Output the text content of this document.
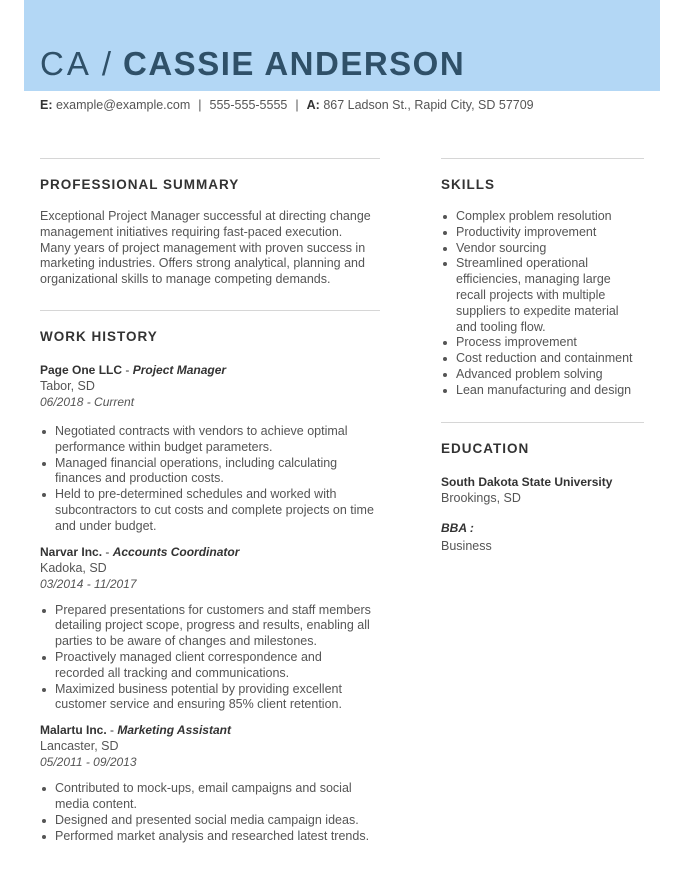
CA / CASSIE ANDERSON
E: example@example.com | 555-555-5555 | A: 867 Ladson St., Rapid City, SD 57709
PROFESSIONAL SUMMARY
Exceptional Project Manager successful at directing change
management initiatives requiring fast-paced execution.
Many years of project management with proven success in
marketing industries. Offers strong analytical, planning and
organizational skills to manage competing demands.
WORK HISTORY
Page One LLC - Project Manager
Tabor, SD
06/2018 - Current
Negotiated contracts with vendors to achieve optimal
performance within budget parameters.
Managed financial operations, including calculating
finances and production costs.
Held to pre-determined schedules and worked with
subcontractors to cut costs and complete projects on time
and under budget.
Narvar Inc. - Accounts Coordinator
Kadoka, SD
03/2014 - 11/2017
Prepared presentations for customers and staff members
detailing project scope, progress and results, enabling all
parties to be aware of changes and milestones.
Proactively managed client correspondence and
recorded all tracking and communications.
Maximized business potential by providing excellent
customer service and ensuring 85% client retention.
Malartu Inc. - Marketing Assistant
Lancaster, SD
05/2011 - 09/2013
Contributed to mock-ups, email campaigns and social
media content.
Designed and presented social media campaign ideas.
Performed market analysis and researched latest trends.
SKILLS
Complex problem resolution
Productivity improvement
Vendor sourcing
Streamlined operational
efficiencies, managing large
recall projects with multiple
suppliers to expedite material
and tooling flow.
Process improvement
Cost reduction and containment
Advanced problem solving
Lean manufacturing and design
EDUCATION
South Dakota State University
Brookings, SD
BBA :
Business
